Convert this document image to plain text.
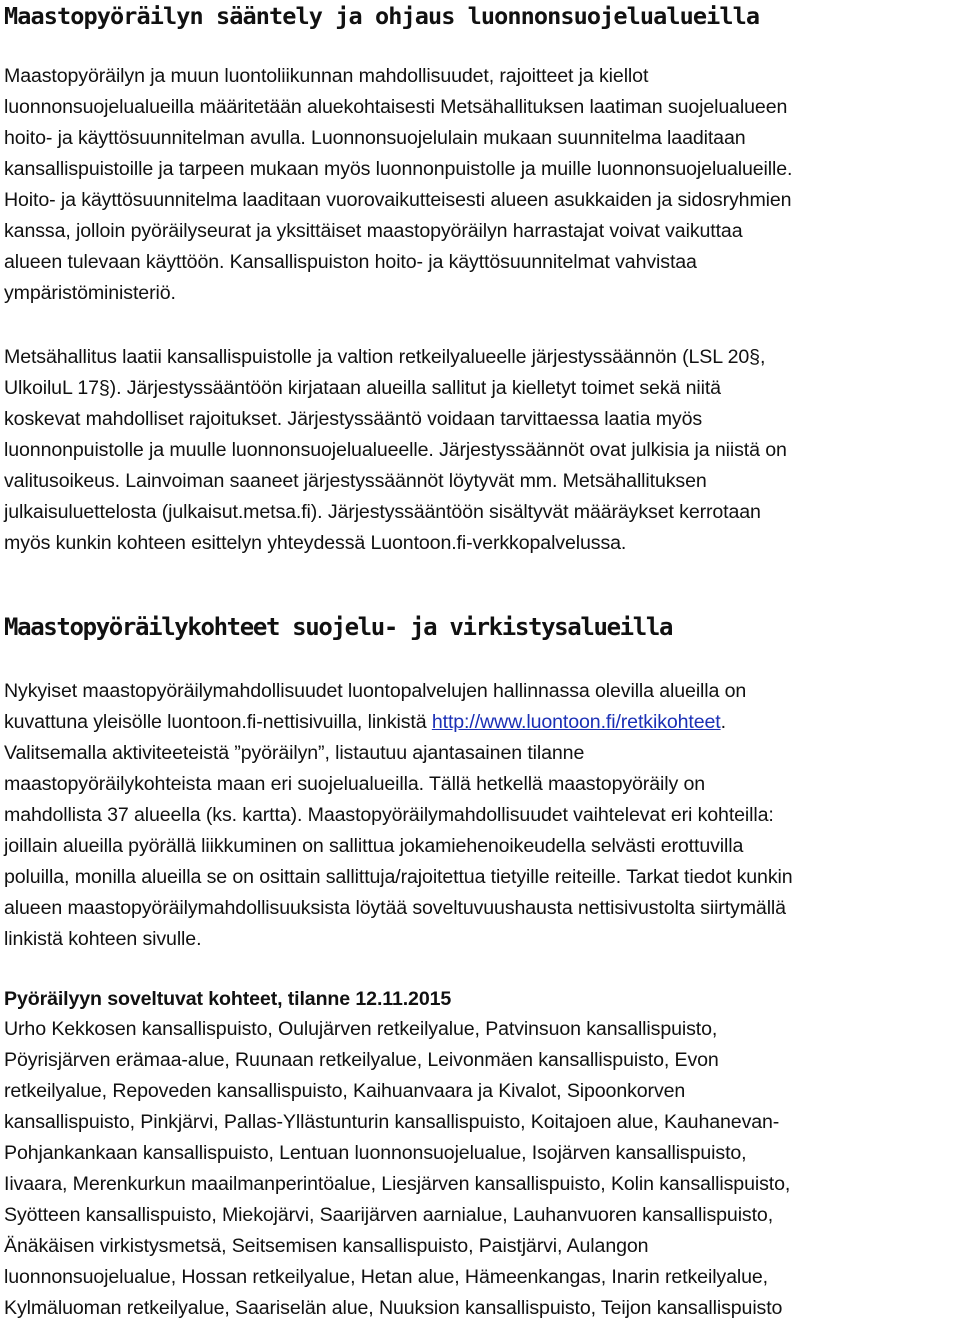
Maastopyöräilyn sääntely ja ohjaus luonnonsuojelualueilla

Maastopyöräilyn ja muun luontoliikunnan mahdollisuudet, rajoitteet ja kiellot
luonnonsuojelualueilla määritetään aluekohtaisesti Metsähallituksen laatiman suojelualueen
hoito- ja käyttösuunnitelman avulla. Luonnonsuojelulain mukaan suunnitelma laaditaan
kansallispuistoille ja tarpeen mukaan myös luonnonpuistolle ja muille luonnonsuojelualueille.
Hoito- ja käyttösuunnitelma laaditaan vuorovaikutteisesti alueen asukkaiden ja sidosryhmien
kanssa, jolloin pyöräilyseurat ja yksittäiset maastopyöräilyn harrastajat voivat vaikuttaa
alueen tulevaan käyttöön. Kansallispuiston hoito- ja käyttösuunnitelmat vahvistaa
ympäristöministeriö.

Metsähallitus laatii kansallispuistolle ja valtion retkeilyalueelle järjestyssäännön (LSL 20§,
UlkoiluL 17§). Järjestyssääntöön kirjataan alueilla sallitut ja kielletyt toimet sekä niitä
koskevat mahdolliset rajoitukset. Järjestyssääntö voidaan tarvittaessa laatia myös
luonnonpuistolle ja muulle luonnonsuojelualueelle. Järjestyssäännöt ovat julkisia ja niistä on
valitusoikeus. Lainvoiman saaneet järjestyssäännöt löytyvät mm. Metsähallituksen
julkaisuluettelosta (julkaisut.metsa.fi). Järjestyssääntöön sisältyvät määräykset kerrotaan
myös kunkin kohteen esittelyn yhteydessä Luontoon.fi-verkkopalvelussa.

Maastopyöräilykohteet suojelu- ja virkistysalueilla

Nykyiset maastopyöräilymahdollisuudet luontopalvelujen hallinnassa olevilla alueilla on
kuvattuna yleisölle luontoon.fi-nettisivuilla, linkistä http://www.luontoon.fi/retkikohteet.
Valitsemalla aktiviteeteistä ”pyöräilyn”, listautuu ajantasainen tilanne
maastopyöräilykohteista maan eri suojelualueilla. Tällä hetkellä maastopyöräily on
mahdollista 37 alueella (ks. kartta). Maastopyöräilymahdollisuudet vaihtelevat eri kohteilla:
joillain alueilla pyörällä liikkuminen on sallittua jokamiehenoikeudella selvästi erottuvilla
poluilla, monilla alueilla se on osittain sallittuja/rajoitettua tietyille reiteille. Tarkat tiedot kunkin
alueen maastopyöräilymahdollisuuksista löytää soveltuvuushausta nettisivustolta siirtymällä
linkistä kohteen sivulle.

Pyöräilyyn soveltuvat kohteet, tilanne 12.11.2015

Urho Kekkosen kansallispuisto, Oulujärven retkeilyalue, Patvinsuon kansallispuisto,
Pöyrisjärven erämaa-alue, Ruunaan retkeilyalue, Leivonmäen kansallispuisto, Evon
retkeilyalue, Repoveden kansallispuisto, Kaihuanvaara ja Kivalot, Sipoonkorven
kansallispuisto, Pinkjärvi, Pallas-Yllästunturin kansallispuisto, Koitajoen alue, Kauhanevan-
Pohjankankaan kansallispuisto, Lentuan luonnonsuojelualue, Isojärven kansallispuisto,
Iivaara, Merenkurkun maailmanperintöalue, Liesjärven kansallispuisto, Kolin kansallispuisto,
Syötteen kansallispuisto, Miekojärvi, Saarijärven aarnialue, Lauhanvuoren kansallispuisto,
Änäkäisen virkistysmetsä, Seitsemisen kansallispuisto, Paistjärvi, Aulangon
luonnonsuojelualue, Hossan retkeilyalue, Hetan alue, Hämeenkangas, Inarin retkeilyalue,
Kylmäluoman retkeilyalue, Saariselän alue, Nuuksion kansallispuisto, Teijon kansallispuisto
